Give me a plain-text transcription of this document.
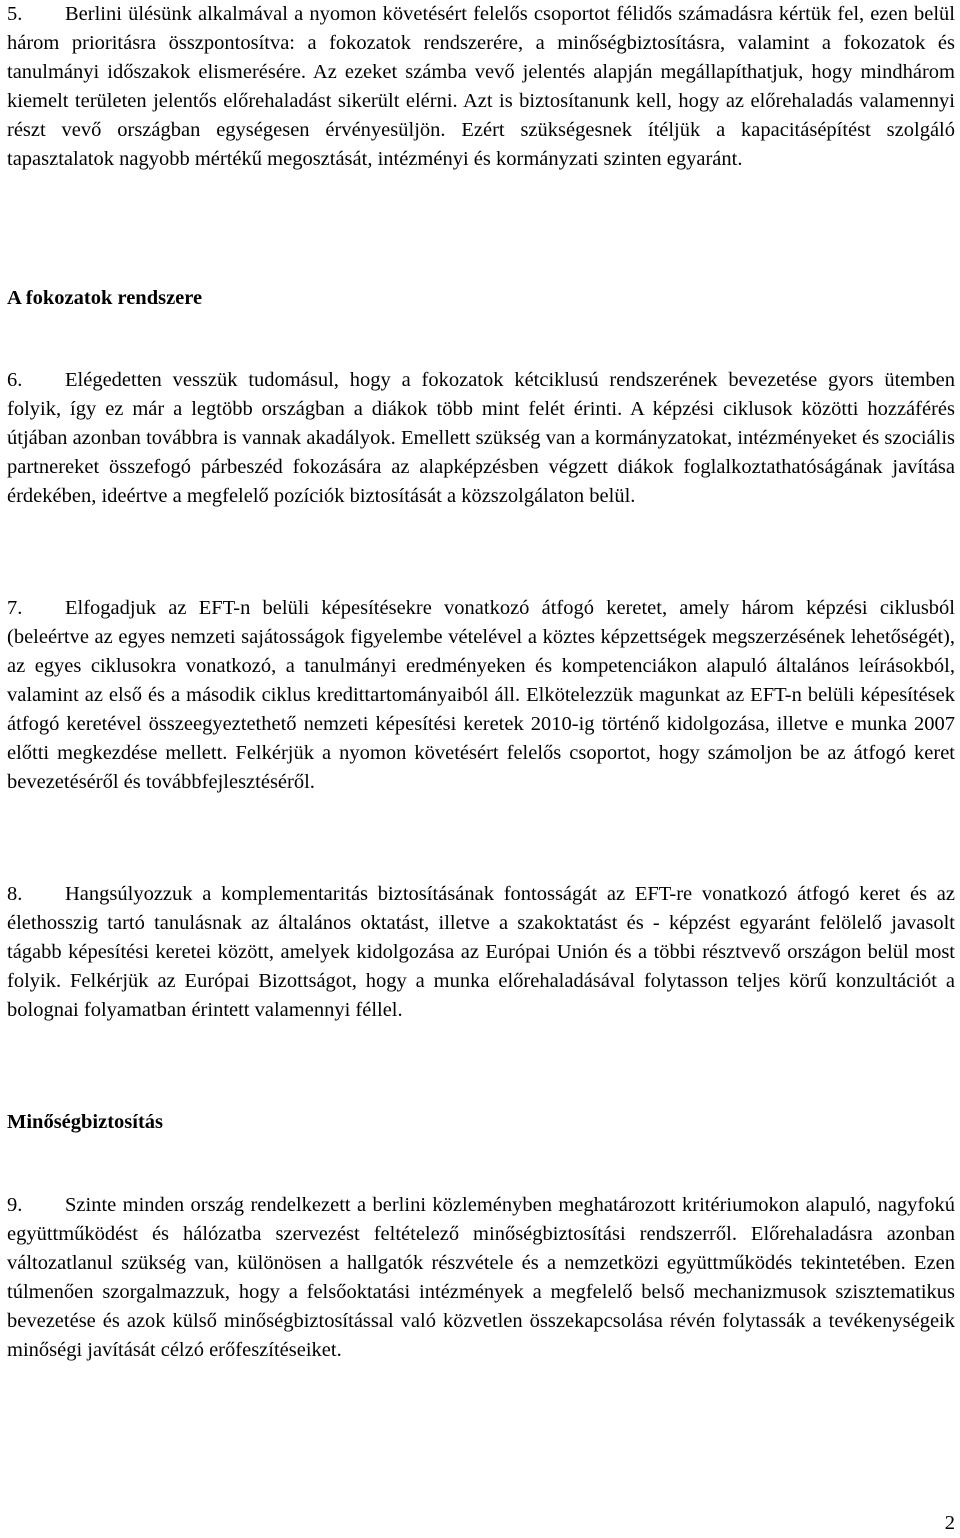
5. Berlini ülésünk alkalmával a nyomon követésért felelős csoportot félidős számadásra kértük fel, ezen belül három prioritásra összpontosítva: a fokozatok rendszerére, a minőségbiztosításra, valamint a fokozatok és tanulmányi időszakok elismerésére. Az ezeket számba vevő jelentés alapján megállapíthatjuk, hogy mindhárom kiemelt területen jelentős előrehaladást sikerült elérni. Azt is biztosítanunk kell, hogy az előrehaladás valamennyi részt vevő országban egységesen érvényesüljön. Ezért szükségesnek ítéljük a kapacitásépítést szolgáló tapasztalatok nagyobb mértékű megosztását, intézményi és kormányzati szinten egyaránt.

A fokozatok rendszere

6. Elégedetten vesszük tudomásul, hogy a fokozatok kétciklusú rendszerének bevezetése gyors ütemben folyik, így ez már a legtöbb országban a diákok több mint felét érinti. A képzési ciklusok közötti hozzáférés útjában azonban továbbra is vannak akadályok. Emellett szükség van a kormányzatokat, intézményeket és szociális partnereket összefogó párbeszéd fokozására az alapképzésben végzett diákok foglalkoztathatóságának javítása érdekében, ideértve a megfelelő pozíciók biztosítását a közszolgálaton belül.

7. Elfogadjuk az EFT-n belüli képesítésekre vonatkozó átfogó keretet, amely három képzési ciklusból (beleértve az egyes nemzeti sajátosságok figyelembe vételével a köztes képzettségek megszerzésének lehetőségét), az egyes ciklusokra vonatkozó, a tanulmányi eredményeken és kompetenciákon alapuló általános leírásokból, valamint az első és a második ciklus kredittartományaiból áll. Elkötelezzük magunkat az EFT-n belüli képesítések átfogó keretével összeegyeztethető nemzeti képesítési keretek 2010-ig történő kidolgozása, illetve e munka 2007 előtti megkezdése mellett. Felkérjük a nyomon követésért felelős csoportot, hogy számoljon be az átfogó keret bevezetéséről és továbbfejlesztéséről.

8. Hangsúlyozzuk a komplementaritás biztosításának fontosságát az EFT-re vonatkozó átfogó keret és az élethosszig tartó tanulásnak az általános oktatást, illetve a szakoktatást és - képzést egyaránt felölelő javasolt tágabb képesítési keretei között, amelyek kidolgozása az Európai Unión és a többi résztvevő országon belül most folyik. Felkérjük az Európai Bizottságot, hogy a munka előrehaladásával folytasson teljes körű konzultációt a bolognai folyamatban érintett valamennyi féllel.

Minőségbiztosítás

9. Szinte minden ország rendelkezett a berlini közleményben meghatározott kritériumokon alapuló, nagyfokú együttműködést és hálózatba szervezést feltételező minőségbiztosítási rendszerről. Előrehaladásra azonban változatlanul szükség van, különösen a hallgatók részvétele és a nemzetközi együttműködés tekintetében. Ezen túlmenően szorgalmazzuk, hogy a felsőoktatási intézmények a megfelelő belső mechanizmusok szisztematikus bevezetése és azok külső minőségbiztosítással való közvetlen összekapcsolása révén folytassák a tevékenységeik minőségi javítását célzó erőfeszítéseiket.

2
